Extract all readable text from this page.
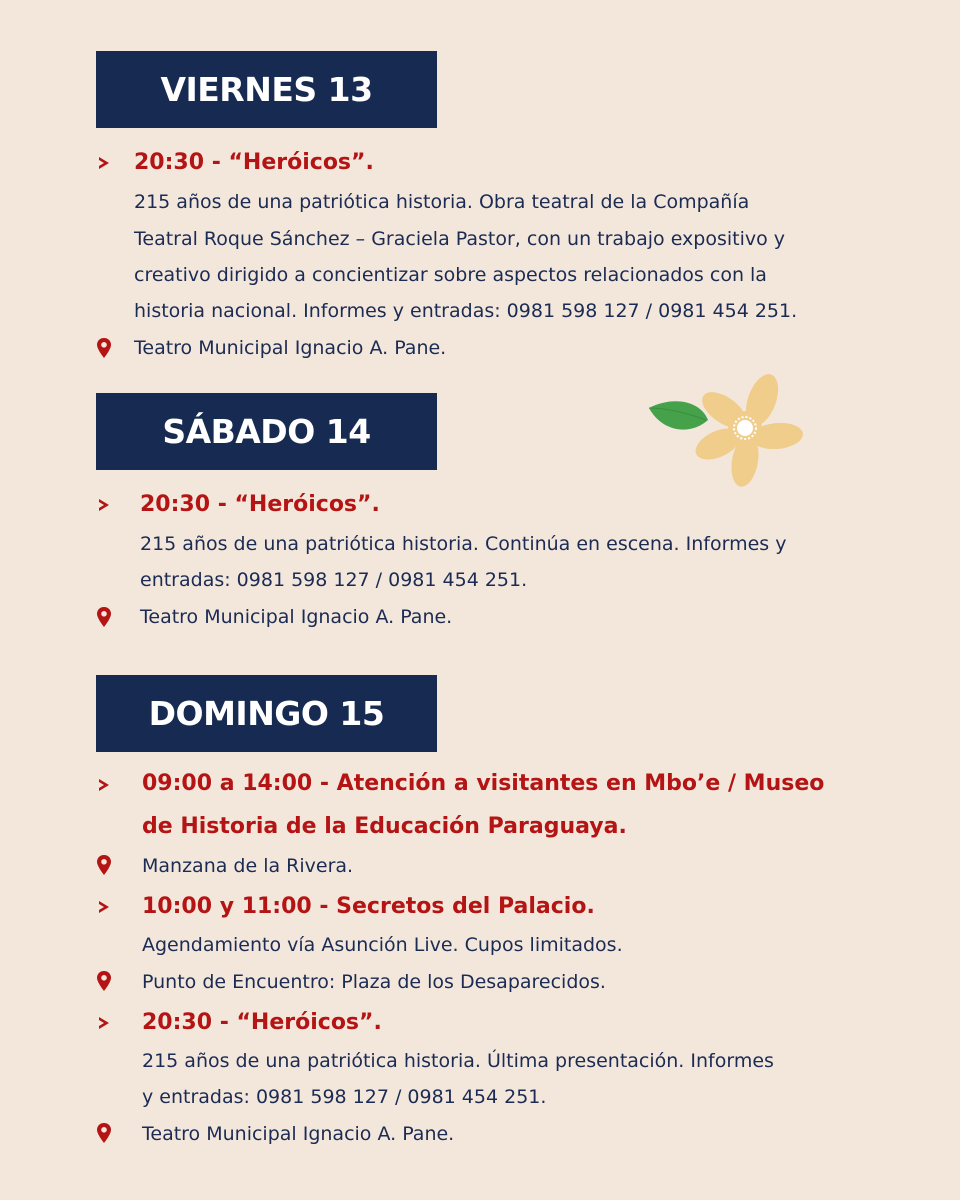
VIERNES 13
20:30 - “Heróicos”.
215 años de una patriótica historia. Obra teatral de la Compañía
Teatral Roque Sánchez – Graciela Pastor, con un trabajo expositivo y
creativo dirigido a concientizar sobre aspectos relacionados con la
historia nacional. Informes y entradas: 0981 598 127 / 0981 454 251.
Teatro Municipal Ignacio A. Pane.
SÁBADO 14
20:30 - “Heróicos”.
215 años de una patriótica historia. Continúa en escena. Informes y
entradas: 0981 598 127 / 0981 454 251.
Teatro Municipal Ignacio A. Pane.
DOMINGO 15
09:00 a 14:00 - Atención a visitantes en Mbo’e / Museo
de Historia de la Educación Paraguaya.
Manzana de la Rivera.
10:00 y 11:00 - Secretos del Palacio.
Agendamiento vía Asunción Live. Cupos limitados.
Punto de Encuentro: Plaza de los Desaparecidos.
20:30 - “Heróicos”.
215 años de una patriótica historia. Última presentación. Informes
y entradas: 0981 598 127 / 0981 454 251.
Teatro Municipal Ignacio A. Pane.
